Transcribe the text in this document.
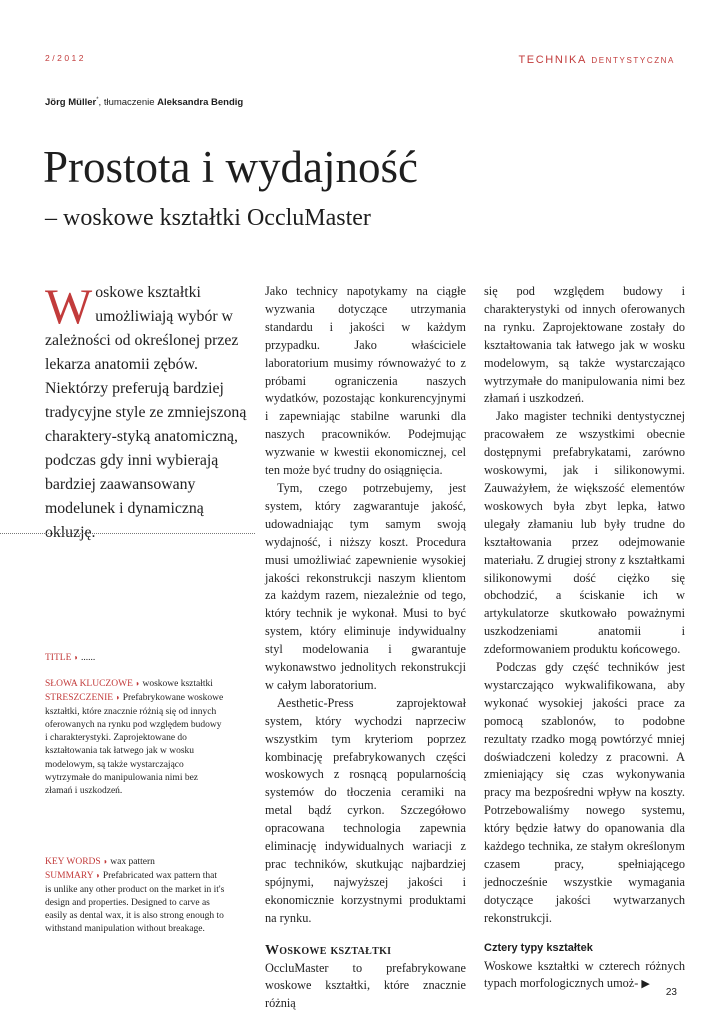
2/2012	TECHNIKA DENTYSTYCZNA
Jörg Müller*, tłumaczenie Aleksandra Bendig
Prostota i wydajność
– woskowe kształtki OccluMaster

Woskowe kształtki umożliwiają wybór w zależności od określonej przez lekarza anatomii zębów. Niektórzy preferują bardziej tradycyjne style ze zmniejszoną charaktery-styką anatomiczną, podczas gdy inni wybierają bardziej zaawansowany modelunek i dynamiczną okluzję.

TITLE ◗ ......

SŁOWA KLUCZOWE ◗ woskowe kształtki

STRESZCZENIE ◗ Prefabrykowane woskowe kształtki, które znacznie różnią się od innych oferowanych na rynku pod względem budowy i charakterystyki. Zaprojektowane do kształtowania tak łatwego jak w wosku modelowym, są także wystarczająco wytrzymałe do manipulowania nimi bez złamań i uszkodzeń.

KEY WORDS ◗ wax pattern

SUMMARY ◗ Prefabricated wax pattern that is unlike any other product on the market in it's design and properties. Designed to carve as easily as dental wax, it is also strong enough to withstand manipulation without breakage.

Jako technicy napotykamy na ciągłe wyzwania dotyczące utrzymania standardu i jakości w każdym przypadku. Jako właściciele laboratorium musimy równoważyć to z próbami ograniczenia naszych wydatków, pozostając konkurencyjnymi i zapewniając stabilne warunki dla naszych pracowników. Podejmując wyzwanie w kwestii ekonomicznej, cel ten może być trudny do osiągnięcia.

Tym, czego potrzebujemy, jest system, który zagwarantuje jakość, udowadniając tym samym swoją wydajność, i niższy koszt. Procedura musi umożliwiać zapewnienie wysokiej jakości rekonstrukcji naszym klientom za każdym razem, niezależnie od tego, który technik je wykonał. Musi to być system, który eliminuje indywidualny styl modelowania i gwarantuje wykonawstwo jednolitych rekonstrukcji w całym laboratorium.

Aesthetic-Press zaprojektował system, który wychodzi naprzeciw wszystkim tym kryteriom poprzez kombinację prefabrykowanych części woskowych z rosnącą popularnością systemów do tłoczenia ceramiki na metal bądź cyrkon. Szczegółowo opracowana technologia zapewnia eliminację indywidualnych wariacji z prac techników, skutkując najbardziej spójnymi, najwyższej jakości i ekonomicznie korzystnymi produktami na rynku.

Woskowe kształtki

OccluMaster to prefabrykowane woskowe kształtki, które znacznie różnią

się pod względem budowy i charakterystyki od innych oferowanych na rynku. Zaprojektowane zostały do kształtowania tak łatwego jak w wosku modelowym, są także wystarczająco wytrzymałe do manipulowania nimi bez złamań i uszkodzeń.

Jako magister techniki dentystycznej pracowałem ze wszystkimi obecnie dostępnymi prefabrykatami, zarówno woskowymi, jak i silikonowymi. Zauważyłem, że większość elementów woskowych była zbyt lepka, łatwo ulegały złamaniu lub były trudne do kształtowania przez odejmowanie materiału. Z drugiej strony z kształtkami silikonowymi dość ciężko się obchodzić, a ściskanie ich w artykulatorze skutkowało poważnymi uszkodzeniami anatomii i zdeformowaniem produktu końcowego.

Podczas gdy część techników jest wystarczająco wykwalifikowana, aby wykonać wysokiej jakości prace za pomocą szablonów, to podobne rezultaty rzadko mogą powtórzyć mniej doświadczeni koledzy z pracowni. A zmieniający się czas wykonywania pracy ma bezpośredni wpływ na koszty. Potrzebowaliśmy nowego systemu, który będzie łatwy do opanowania dla każdego technika, ze stałym określonym czasem pracy, spełniającego jednocześnie wszystkie wymagania dotyczące jakości wytwarzanych rekonstrukcji.

Cztery typy kształtek

Woskowe kształtki w czterech różnych typach morfologicznych umoż- ▶

23
